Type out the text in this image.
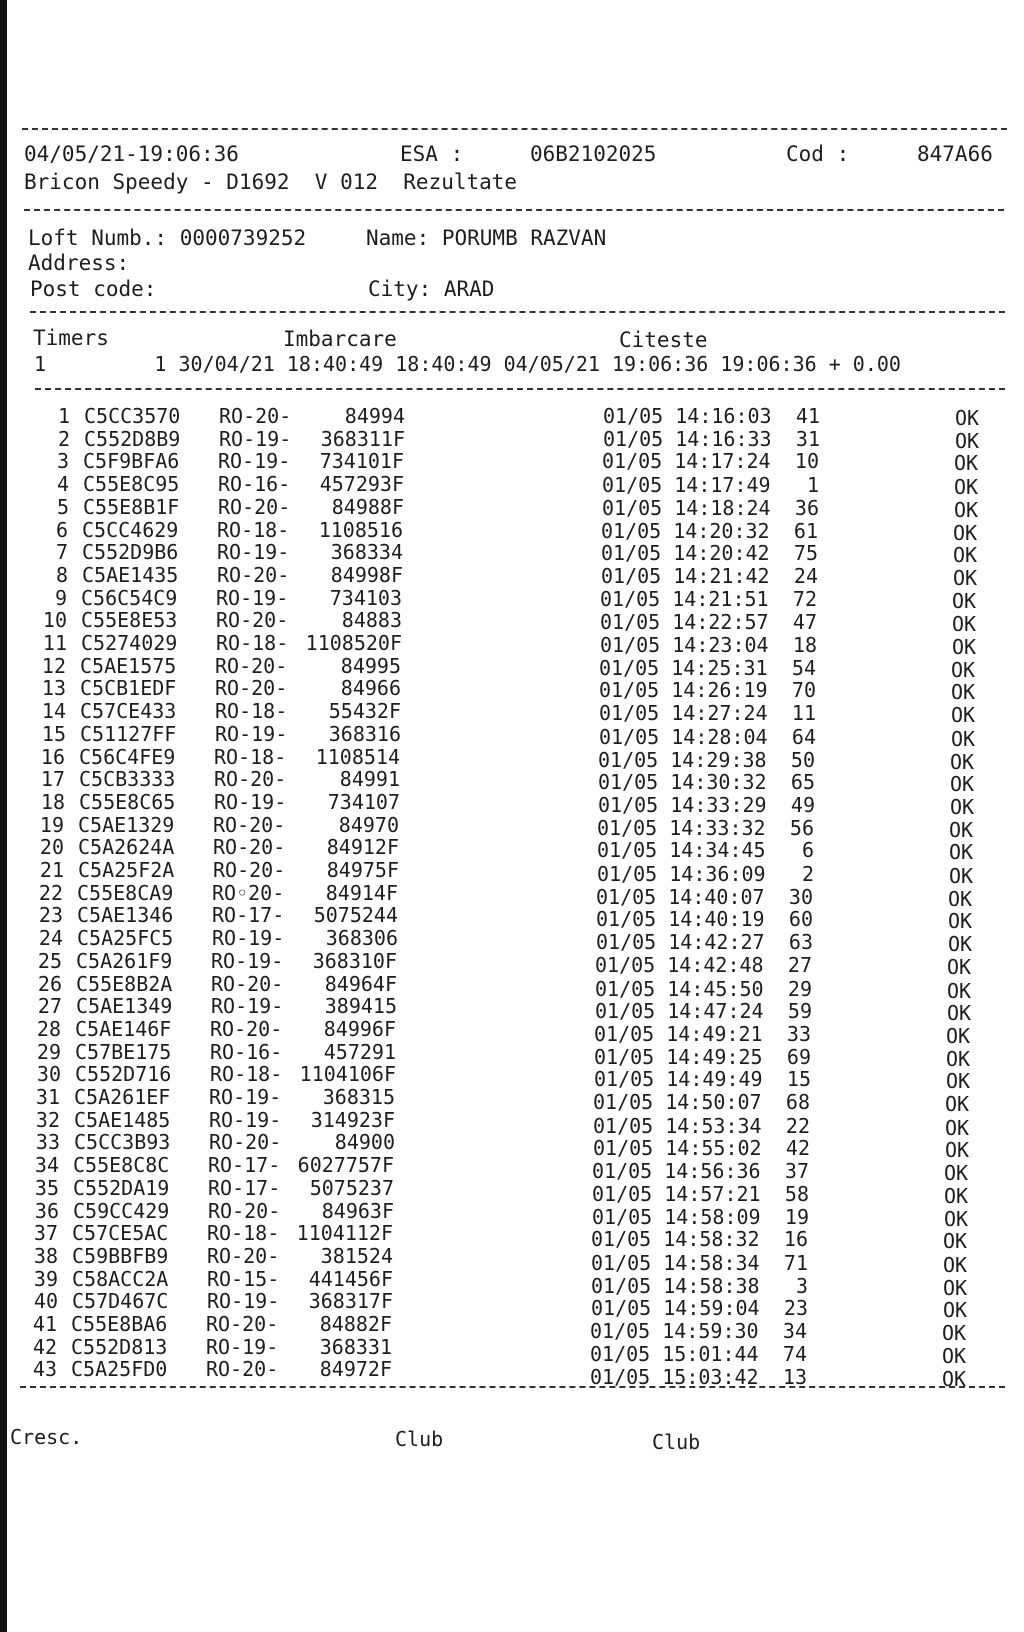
04/05/21-19:06:36	ESA :	06B2102025	Cod :	847A66
Bricon Speedy - D1692  V 012  Rezultate
Loft Numb.: 0000739252	Name: PORUMB RAZVAN
Address:
Post code:	City: ARAD
Timers	Imbarcare	Citeste
1         1 30/04/21 18:40:49 18:40:49 04/05/21 19:06:36 19:06:36 + 0.00
1 C5CC3570 RO-20-	84994	01/05 14:16:03 41	OK
2 C552D8B9 RO-19-	368311F	01/05 14:16:33 31	OK
3 C5F9BFA6 RO-19-	734101F	01/05 14:17:24 10	OK
4 C55E8C95 RO-16-	457293F	01/05 14:17:49	1	OK
5 C55E8B1F RO-20-	84988F	01/05 14:18:24 36	OK
6 C5CC4629 RO-18-	1108516	01/05 14:20:32 61	OK
7 C552D9B6 RO-19-	368334	01/05 14:20:42 75	OK
8 C5AE1435 RO-20-	84998F	01/05 14:21:42 24	OK
9 C56C54C9 RO-19-	734103	01/05 14:21:51 72	OK
10 C55E8E53 RO-20-	84883	01/05 14:22:57 47	OK
11 C5274029 RO-18- 1108520F	01/05 14:23:04 18	OK
12 C5AE1575 RO-20-	84995	01/05 14:25:31 54	OK
13 C5CB1EDF RO-20-	84966	01/05 14:26:19 70	OK
14 C57CE433 RO-18-	55432F	01/05 14:27:24 11	OK
15 C51127FF RO-19-	368316	01/05 14:28:04 64	OK
16 C56C4FE9 RO-18-	1108514	01/05 14:29:38 50	OK
17 C5CB3333 RO-20-	84991	01/05 14:30:32 65	OK
18 C55E8C65 RO-19-	734107	01/05 14:33:29 49	OK
19 C5AE1329 RO-20-	84970	01/05 14:33:32 56	OK
20 C5A2624A RO-20-	84912F	01/05 14:34:45	6	OK
21 C5A25F2A RO-20-	84975F	01/05 14:36:09	2	OK
22 C55E8CA9 RO◦20-	84914F	01/05 14:40:07 30	OK
23 C5AE1346 RO-17-	5075244	01/05 14:40:19 60	OK
24 C5A25FC5 RO-19-	368306	01/05 14:42:27 63	OK
25 C5A261F9 RO-19-	368310F	01/05 14:42:48 27	OK
26 C55E8B2A RO-20-	84964F	01/05 14:45:50 29	OK
27 C5AE1349 RO-19-	389415	01/05 14:47:24 59	OK
28 C5AE146F RO-20-	84996F	01/05 14:49:21 33	OK
29 C57BE175 RO-16-	457291	01/05 14:49:25 69	OK
30 C552D716 RO-18- 1104106F	01/05 14:49:49 15	OK
31 C5A261EF RO-19-	368315	01/05 14:50:07 68	OK
32 C5AE1485 RO-19-	314923F	01/05 14:53:34 22	OK
33 C5CC3B93 RO-20-	84900	01/05 14:55:02 42	OK
34 C55E8C8C RO-17- 6027757F	01/05 14:56:36 37	OK
35 C552DA19 RO-17-	5075237	01/05 14:57:21 58	OK
36 C59CC429 RO-20-	84963F	01/05 14:58:09 19	OK
37 C57CE5AC RO-18- 1104112F	01/05 14:58:32 16	OK
38 C59BBFB9 RO-20-	381524	01/05 14:58:34 71	OK
39 C58ACC2A RO-15-	441456F	01/05 14:58:38	3	OK
40 C57D467C RO-19-	368317F	01/05 14:59:04 23	OK
41 C55E8BA6 RO-20-	84882F	01/05 14:59:30 34	OK
42 C552D813 RO-19-	368331	01/05 15:01:44 74	OK
43 C5A25FD0 RO-20-	84972F	01/05 15:03:42 13	OK
Cresc.	Club	Club
